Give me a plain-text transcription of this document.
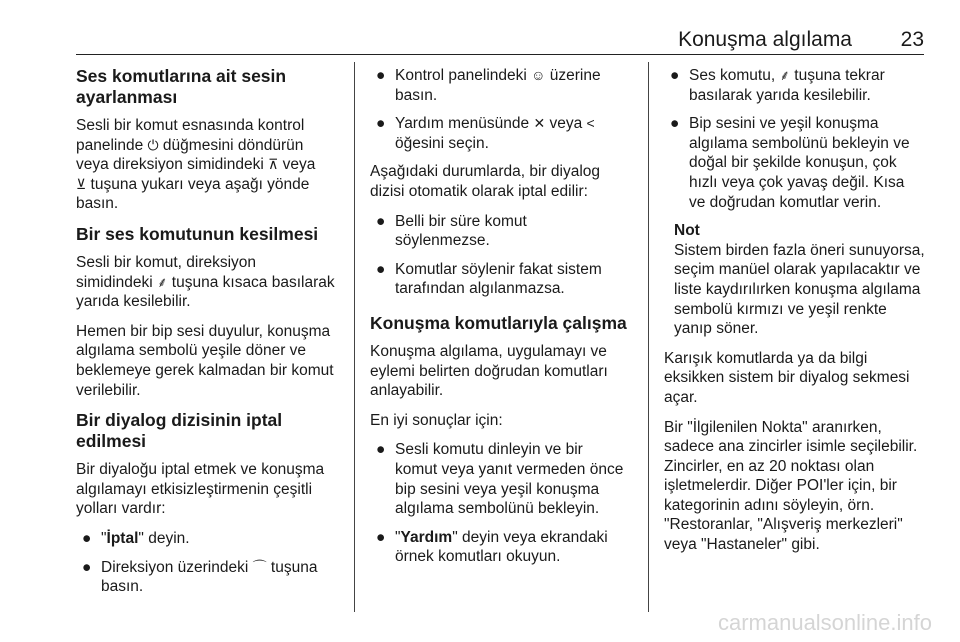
Konuşma algılama 23
Ses komutlarına ait sesin
ayarlanması

Sesli bir komut esnasında kontrol
panelinde ⏻ düğmesini döndürün
veya direksiyon simidindeki ⊼ veya
⊻ tuşuna yukarı veya aşağı yönde
basın.

Bir ses komutunun kesilmesi

Sesli bir komut, direksiyon
simidindeki ⸙ tuşuna kısaca basılarak
yarıda kesilebilir.

Hemen bir bip sesi duyulur, konuşma
algılama sembolü yeşile döner ve
beklemeye gerek kalmadan bir komut
verilebilir.

Bir diyalog dizisinin iptal edilmesi

Bir diyaloğu iptal etmek ve konuşma
algılamayı etkisizleştirmenin çeşitli
yolları vardır:

● "İptal" deyin.
● Direksiyon üzerindeki ⌒ tuşuna
basın.
● Kontrol panelindeki ☺ üzerine
basın.
● Yardım menüsünde ✕ veya <
öğesini seçin.

Aşağıdaki durumlarda, bir diyalog
dizisi otomatik olarak iptal edilir:

● Belli bir süre komut
söylenmezse.
● Komutlar söylenir fakat sistem
tarafından algılanmazsa.
Konuşma komutlarıyla çalışma

Konuşma algılama, uygulamayı ve
eylemi belirten doğrudan komutları
anlayabilir.

En iyi sonuçlar için:

● Sesli komutu dinleyin ve bir
komut veya yanıt vermeden önce
bip sesini veya yeşil konuşma
algılama sembolünü bekleyin.
● "Yardım" deyin veya ekrandaki
örnek komutları okuyun.
● Ses komutu, ⸙ tuşuna tekrar
basılarak yarıda kesilebilir.
● Bip sesini ve yeşil konuşma
algılama sembolünü bekleyin ve
doğal bir şekilde konuşun, çok
hızlı veya çok yavaş değil. Kısa
ve doğrudan komutlar verin.
Not
Sistem birden fazla öneri sunuyorsa,
seçim manüel olarak yapılacaktır ve
liste kaydırılırken konuşma algılama
sembolü kırmızı ve yeşil renkte
yanıp söner.

Karışık komutlarda ya da bilgi
eksikken sistem bir diyalog sekmesi
açar.

Bir "İlgilenilen Nokta" aranırken,
sadece ana zincirler isimle seçilebilir.
Zincirler, en az 20 noktası olan
işletmelerdir. Diğer POI'ler için, bir
kategorinin adını söyleyin, örn.
"Restoranlar, "Alışveriş merkezleri"
veya "Hastaneler" gibi.

carmanualsonline.info
